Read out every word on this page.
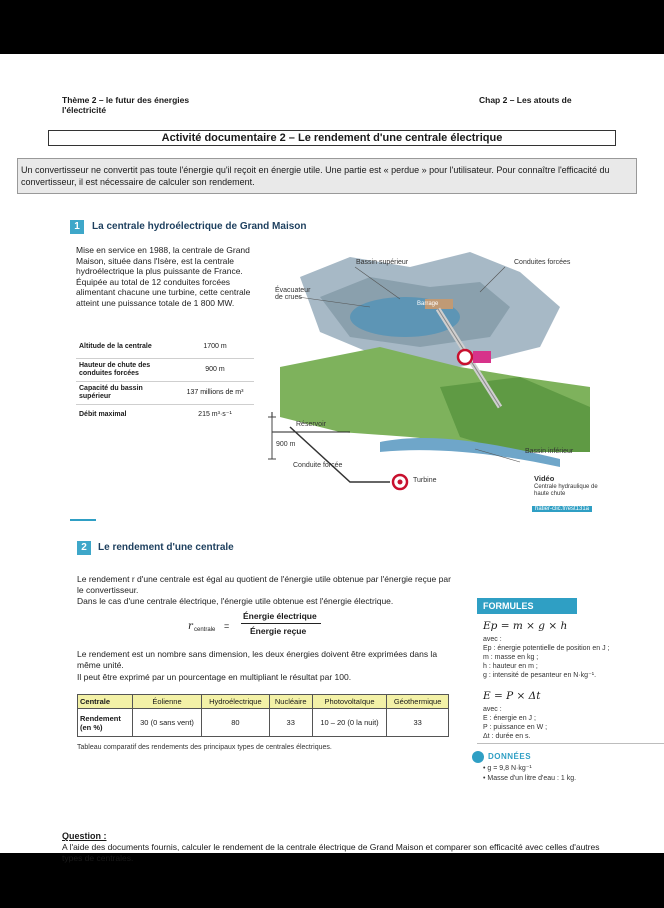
Thème 2 – le futur des énergies
l'électricité
Chap 2 – Les atouts de
Activité documentaire 2 – Le rendement d'une centrale électrique
Un convertisseur ne convertit pas toute l'énergie qu'il reçoit en énergie utile. Une partie est « perdue » pour l'utilisateur. Pour connaître l'efficacité du convertisseur, il est nécessaire de calculer son rendement.
1	La centrale hydroélectrique de Grand Maison
Mise en service en 1988, la centrale de Grand Maison, située dans l'Isère, est la centrale hydroélectrique la plus puissante de France. Équipée au total de 12 conduites forcées alimentant chacune une turbine, cette centrale atteint une puissance totale de 1 800 MW.
Altitude de la centrale	1700 m
Hauteur de chute des conduites forcées	900 m
Capacité du bassin supérieur	137 millions de m³
Débit maximal	215 m³·s⁻¹
Bassin supérieur	Conduites forcées
Évacuateur de crues
Barrage
Réservoir
900 m
Conduite forcée
Turbine
Bassin inférieur
Vidéo
Centrale hydraulique de haute chute
hatier-clic.fr/est131a
2	Le rendement d'une centrale
Le rendement r d'une centrale est égal au quotient de l'énergie utile obtenue par l'énergie reçue par le convertisseur.
Dans le cas d'une centrale électrique, l'énergie utile obtenue est l'énergie électrique.
r centrale =
Énergie électrique
Énergie reçue
Le rendement est un nombre sans dimension, les deux énergies doivent être exprimées dans la même unité.
Il peut être exprimé par un pourcentage en multipliant le résultat par 100.
Centrale	Éolienne	Hydroélectrique	Nucléaire	Photovoltaïque	Géothermique
Rendement (en %)	30 (0 sans vent)	80	33	10 – 20 (0 la nuit)	33
Tableau comparatif des rendements des principaux types de centrales électriques.
FORMULES
Ep = m × g × h
avec :
Ep : énergie potentielle de position en J ;
m : masse en kg ;
h : hauteur en m ;
g : intensité de pesanteur en N·kg⁻¹.
E = P × Δt
avec :
E : énergie en J ;
P : puissance en W ;
Δt : durée en s.
DONNÉES
• g = 9,8 N·kg⁻¹
• Masse d'un litre d'eau : 1 kg.
Question :
A l'aide des documents fournis, calculer le rendement de la centrale électrique de Grand Maison et comparer son efficacité avec celles d'autres types de centrales.
